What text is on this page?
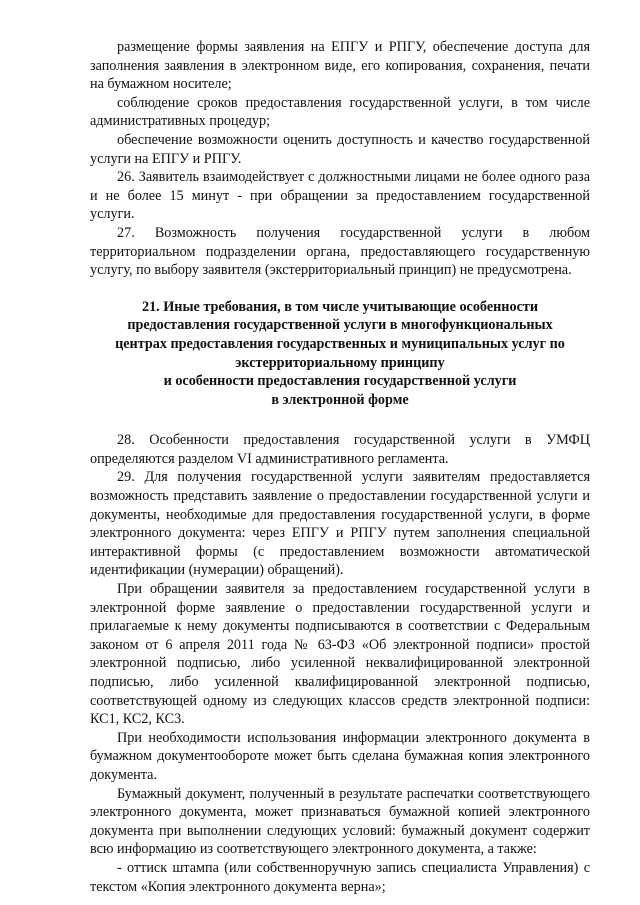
размещение формы заявления на ЕПГУ и РПГУ, обеспечение доступа для заполнения заявления в электронном виде, его копирования, сохранения, печати на бумажном носителе;

соблюдение сроков предоставления государственной услуги, в том числе административных процедур;

обеспечение возможности оценить доступность и качество государственной услуги на ЕПГУ и РПГУ.

26. Заявитель взаимодействует с должностными лицами не более одного раза и не более 15 минут - при обращении за предоставлением государственной услуги.

27. Возможность получения государственной услуги в любом территориальном подразделении органа, предоставляющего государственную услугу, по выбору заявителя (экстерриториальный принцип) не предусмотрена.

21. Иные требования, в том числе учитывающие особенности

предоставления государственной услуги в многофункциональных

центрах предоставления государственных и муниципальных услуг по

экстерриториальному принципу

и особенности предоставления государственной услуги

в электронной форме

28. Особенности предоставления государственной услуги в УМФЦ определяются разделом VI административного регламента.

29. Для получения государственной услуги заявителям предоставляется возможность представить заявление о предоставлении государственной услуги и документы, необходимые для предоставления государственной услуги, в форме электронного документа: через ЕПГУ и РПГУ путем заполнения специальной интерактивной формы (с предоставлением возможности автоматической идентификации (нумерации) обращений).

При обращении заявителя за предоставлением государственной услуги в электронной форме заявление о предоставлении государственной услуги и прилагаемые к нему документы подписываются в соответствии с Федеральным законом от 6 апреля 2011 года № 63-ФЗ «Об электронной подписи» простой электронной подписью, либо усиленной неквалифицированной электронной подписью, либо усиленной квалифицированной электронной подписью, соответствующей одному из следующих классов средств электронной подписи: КС1, КС2, КС3.

При необходимости использования информации электронного документа в бумажном документообороте может быть сделана бумажная копия электронного документа.

Бумажный документ, полученный в результате распечатки соответствующего электронного документа, может признаваться бумажной копией электронного документа при выполнении следующих условий: бумажный документ содержит всю информацию из соответствующего электронного документа, а также:

- оттиск штампа (или собственноручную запись специалиста Управления) с текстом «Копия электронного документа верна»;
